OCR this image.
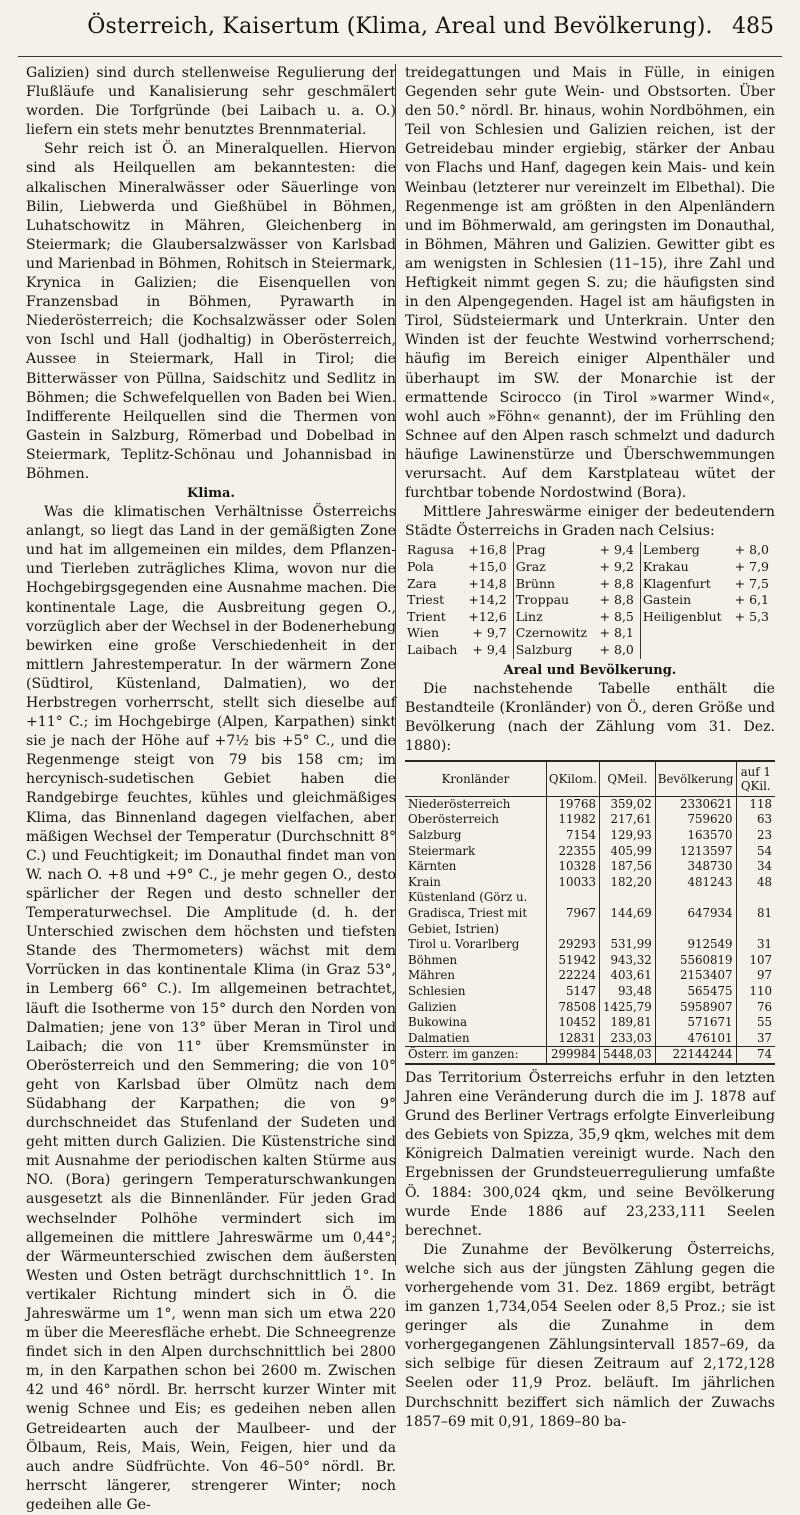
Österreich, Kaisertum (Klima, Areal und Bevölkerung). 485

Galizien) sind durch stellenweise Regulierung der Flußläufe und Kanalisierung sehr geschmälert worden. Die Torfgründe (bei Laibach u. a. O.) liefern ein stets mehr benutztes Brennmaterial.

Sehr reich ist Ö. an Mineralquellen. Hiervon sind als Heilquellen am bekanntesten: die alkalischen Mineralwässer oder Säuerlinge von Bilin, Liebwerda und Gießhübel in Böhmen, Luhatschowitz in Mähren, Gleichenberg in Steiermark; die Glaubersalzwässer von Karlsbad und Marienbad in Böhmen, Rohitsch in Steiermark, Krynica in Galizien; die Eisenquellen von Franzensbad in Böhmen, Pyrawarth in Niederösterreich; die Kochsalzwässer oder Solen von Ischl und Hall (jodhaltig) in Oberösterreich, Aussee in Steiermark, Hall in Tirol; die Bitterwässer von Püllna, Saidschitz und Sedlitz in Böhmen; die Schwefelquellen von Baden bei Wien. Indifferente Heilquellen sind die Thermen von Gastein in Salzburg, Römerbad und Dobelbad in Steiermark, Teplitz-Schönau und Johannisbad in Böhmen.

Klima.

Was die klimatischen Verhältnisse Österreichs anlangt, so liegt das Land in der gemäßigten Zone und hat im allgemeinen ein mildes, dem Pflanzen- und Tierleben zuträgliches Klima, wovon nur die Hochgebirgsgegenden eine Ausnahme machen. Die kontinentale Lage, die Ausbreitung gegen O., vorzüglich aber der Wechsel in der Bodenerhebung bewirken eine große Verschiedenheit in der mittlern Jahrestemperatur. In der wärmern Zone (Südtirol, Küstenland, Dalmatien), wo der Herbstregen vorherrscht, stellt sich dieselbe auf +11° C.; im Hochgebirge (Alpen, Karpathen) sinkt sie je nach der Höhe auf +7½ bis +5° C., und die Regenmenge steigt von 79 bis 158 cm; im hercynisch-sudetischen Gebiet haben die Randgebirge feuchtes, kühles und gleichmäßiges Klima, das Binnenland dagegen vielfachen, aber mäßigen Wechsel der Temperatur (Durchschnitt 8° C.) und Feuchtigkeit; im Donauthal findet man von W. nach O. +8 und +9° C., je mehr gegen O., desto spärlicher der Regen und desto schneller der Temperaturwechsel. Die Amplitude (d. h. der Unterschied zwischen dem höchsten und tiefsten Stande des Thermometers) wächst mit dem Vorrücken in das kontinentale Klima (in Graz 53°, in Lemberg 66° C.). Im allgemeinen betrachtet, läuft die Isotherme von 15° durch den Norden von Dalmatien; jene von 13° über Meran in Tirol und Laibach; die von 11° über Kremsmünster in Oberösterreich und den Semmering; die von 10° geht von Karlsbad über Olmütz nach dem Südabhang der Karpathen; die von 9° durchschneidet das Stufenland der Sudeten und geht mitten durch Galizien. Die Küstenstriche sind mit Ausnahme der periodischen kalten Stürme aus NO. (Bora) geringern Temperaturschwankungen ausgesetzt als die Binnenländer. Für jeden Grad wechselnder Polhöhe vermindert sich im allgemeinen die mittlere Jahreswärme um 0,44°; der Wärmeunterschied zwischen dem äußersten Westen und Osten beträgt durchschnittlich 1°. In vertikaler Richtung mindert sich in Ö. die Jahreswärme um 1°, wenn man sich um etwa 220 m über die Meeresfläche erhebt. Die Schneegrenze findet sich in den Alpen durchschnittlich bei 2800 m, in den Karpathen schon bei 2600 m. Zwischen 42 und 46° nördl. Br. herrscht kurzer Winter mit wenig Schnee und Eis; es gedeihen neben allen Getreidearten auch der Maulbeer- und der Ölbaum, Reis, Mais, Wein, Feigen, hier und da auch andre Südfrüchte. Von 46–50° nördl. Br. herrscht längerer, strengerer Winter; noch gedeihen alle Ge-

treidegattungen und Mais in Fülle, in einigen Gegenden sehr gute Wein- und Obstsorten. Über den 50.° nördl. Br. hinaus, wohin Nordböhmen, ein Teil von Schlesien und Galizien reichen, ist der Getreidebau minder ergiebig, stärker der Anbau von Flachs und Hanf, dagegen kein Mais- und kein Weinbau (letzterer nur vereinzelt im Elbethal). Die Regenmenge ist am größten in den Alpenländern und im Böhmerwald, am geringsten im Donauthal, in Böhmen, Mähren und Galizien. Gewitter gibt es am wenigsten in Schlesien (11–15), ihre Zahl und Heftigkeit nimmt gegen S. zu; die häufigsten sind in den Alpengegenden. Hagel ist am häufigsten in Tirol, Südsteiermark und Unterkrain. Unter den Winden ist der feuchte Westwind vorherrschend; häufig im Bereich einiger Alpenthäler und überhaupt im SW. der Monarchie ist der ermattende Scirocco (in Tirol »warmer Wind«, wohl auch »Föhn« genannt), der im Frühling den Schnee auf den Alpen rasch schmelzt und dadurch häufige Lawinenstürze und Überschwemmungen verursacht. Auf dem Karstplateau wütet der furchtbar tobende Nordostwind (Bora).

Mittlere Jahreswärme einiger der bedeutendern Städte Österreichs in Graden nach Celsius:

Ragusa	+16,8	Prag	+ 9,4	Lemberg	+ 8,0
Pola	+15,0	Graz	+ 9,2	Krakau	+ 7,9
Zara	+14,8	Brünn	+ 8,8	Klagenfurt	+ 7,5
Triest	+14,2	Troppau	+ 8,8	Gastein	+ 6,1
Trient	+12,6	Linz	+ 8,5	Heiligenblut	+ 5,3
Wien	+ 9,7	Czernowitz	+ 8,1		
Laibach	+ 9,4	Salzburg	+ 8,0		
Areal und Bevölkerung.

Die nachstehende Tabelle enthält die Bestandteile (Kronländer) von Ö., deren Größe und Bevölkerung (nach der Zählung vom 31. Dez. 1880):

Kronländer	QKilom.	QMeil.	Bevölkerung	auf 1 QKil.
Niederösterreich	19768	359,02	2330621	118
Oberösterreich	11982	217,61	759620	63
Salzburg	7154	129,93	163570	23
Steiermark	22355	405,99	1213597	54
Kärnten	10328	187,56	348730	34
Krain	10033	182,20	481243	48
Küstenland (Görz u. Gradisca, Triest mit Gebiet, Istrien)	7967	144,69	647934	81
Tirol u. Vorarlberg	29293	531,99	912549	31
Böhmen	51942	943,32	5560819	107
Mähren	22224	403,61	2153407	97
Schlesien	5147	93,48	565475	110
Galizien	78508	1425,79	5958907	76
Bukowina	10452	189,81	571671	55
Dalmatien	12831	233,03	476101	37
Österr. im ganzen:	299984	5448,03	22144244	74

Das Territorium Österreichs erfuhr in den letzten Jahren eine Veränderung durch die im J. 1878 auf Grund des Berliner Vertrags erfolgte Einverleibung des Gebiets von Spizza, 35,9 qkm, welches mit dem Königreich Dalmatien vereinigt wurde. Nach den Ergebnissen der Grundsteuerregulierung umfaßte Ö. 1884: 300,024 qkm, und seine Bevölkerung wurde Ende 1886 auf 23,233,111 Seelen berechnet.

Die Zunahme der Bevölkerung Österreichs, welche sich aus der jüngsten Zählung gegen die vorhergehende vom 31. Dez. 1869 ergibt, beträgt im ganzen 1,734,054 Seelen oder 8,5 Proz.; sie ist geringer als die Zunahme in dem vorhergegangenen Zählungsintervall 1857–69, da sich selbige für diesen Zeitraum auf 2,172,128 Seelen oder 11,9 Proz. beläuft. Im jährlichen Durchschnitt beziffert sich nämlich der Zuwachs 1857–69 mit 0,91, 1869–80 ba-
